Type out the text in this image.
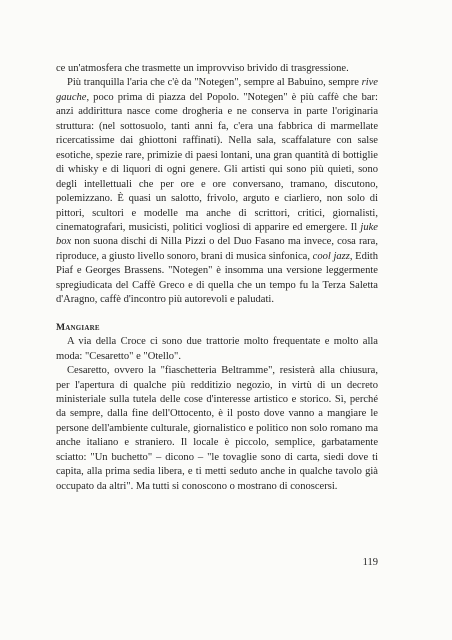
ce un'atmosfera che trasmette un improvviso brivido di trasgressione.

Più tranquilla l'aria che c'è da "Notegen", sempre al Babuino, sempre rive gauche, poco prima di piazza del Popolo. "Notegen" è più caffè che bar: anzi addirittura nasce come drogheria e ne conserva in parte l'originaria struttura: (nel sottosuolo, tanti anni fa, c'era una fabbrica di marmellate ricercatissime dai ghiottoni raffinati). Nella sala, scaffalature con salse esotiche, spezie rare, primizie di paesi lontani, una gran quantità di bottiglie di whisky e di liquori di ogni genere. Gli artisti qui sono più quieti, sono degli intellettuali che per ore e ore conversano, tramano, discutono, polemizzano. È quasi un salotto, frivolo, arguto e ciarliero, non solo di pittori, scultori e modelle ma anche di scrittori, critici, giornalisti, cinematografari, musicisti, politici vogliosi di apparire ed emergere. Il juke box non suona dischi di Nilla Pizzi o del Duo Fasano ma invece, cosa rara, riproduce, a giusto livello sonoro, brani di musica sinfonica, cool jazz, Edith Piaf e Georges Brassens. "Notegen" è insomma una versione leggermente spregiudicata del Caffè Greco e di quella che un tempo fu la Terza Saletta d'Aragno, caffè d'incontro più autorevoli e paludati.

Mangiare

A via della Croce ci sono due trattorie molto frequentate e molto alla moda: "Cesaretto" e "Otello".

Cesaretto, ovvero la "fiaschetteria Beltramme", resisterà alla chiusura, per l'apertura di qualche più redditizio negozio, in virtù di un decreto ministeriale sulla tutela delle cose d'interesse artistico e storico. Sì, perché da sempre, dalla fine dell'Ottocento, è il posto dove vanno a mangiare le persone dell'ambiente culturale, giornalistico e politico non solo romano ma anche italiano e straniero. Il locale è piccolo, semplice, garbatamente sciatto: "Un buchetto" – dicono – "le tovaglie sono di carta, siedi dove ti capita, alla prima sedia libera, e ti metti seduto anche in qualche tavolo già occupato da altri". Ma tutti si conoscono o mostrano di conoscersi.

119
